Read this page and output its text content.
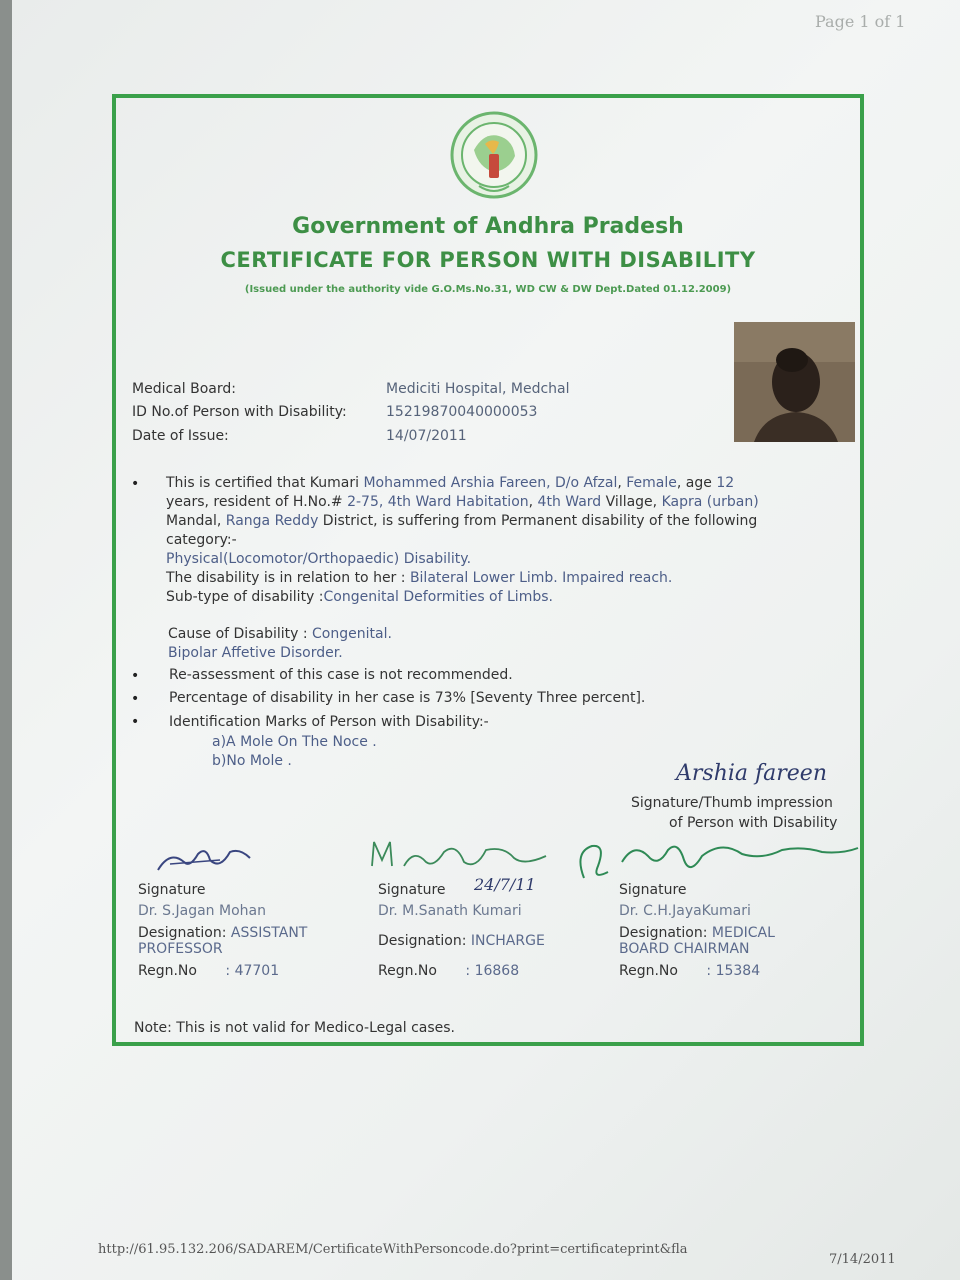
Page 1 of 1
Government of Andhra Pradesh
CERTIFICATE FOR PERSON WITH DISABILITY
(Issued under the authority vide G.O.Ms.No.31, WD CW & DW Dept.Dated 01.12.2009)
Medical Board:	Mediciti Hospital, Medchal
ID No.of Person with Disability:	15219870040000053
Date of Issue:	14/07/2011
• This is certified that Kumari Mohammed Arshia Fareen, D/o Afzal, Female, age 12
years, resident of H.No.# 2-75, 4th Ward Habitation, 4th Ward Village, Kapra (urban)
Mandal, Ranga Reddy District, is suffering from Permanent disability of the following
category:-
Physical(Locomotor/Orthopaedic) Disability.
The disability is in relation to her : Bilateral Lower Limb. Impaired reach.
Sub-type of disability :Congenital Deformities of Limbs.
Cause of Disability : Congenital.
Bipolar Affetive Disorder.
• Re-assessment of this case is not recommended.
• Percentage of disability in her case is 73% [Seventy Three percent].
• Identification Marks of Person with Disability:-
a)A Mole On The Noce .
b)No Mole .	Arshia fareen
Signature/Thumb impression
of Person with Disability
24/7/11
Signature
Dr. S.Jagan Mohan
Designation: ASSISTANT
PROFESSOR
Regn.No : 47701
Signature
Dr. M.Sanath Kumari
Designation: INCHARGE
Regn.No : 16868
Signature
Dr. C.H.JayaKumari
Designation: MEDICAL
BOARD CHAIRMAN
Regn.No : 15384
Note: This is not valid for Medico-Legal cases.
http://61.95.132.206/SADAREM/CertificateWithPersoncode.do?print=certificateprint&fla
7/14/2011
